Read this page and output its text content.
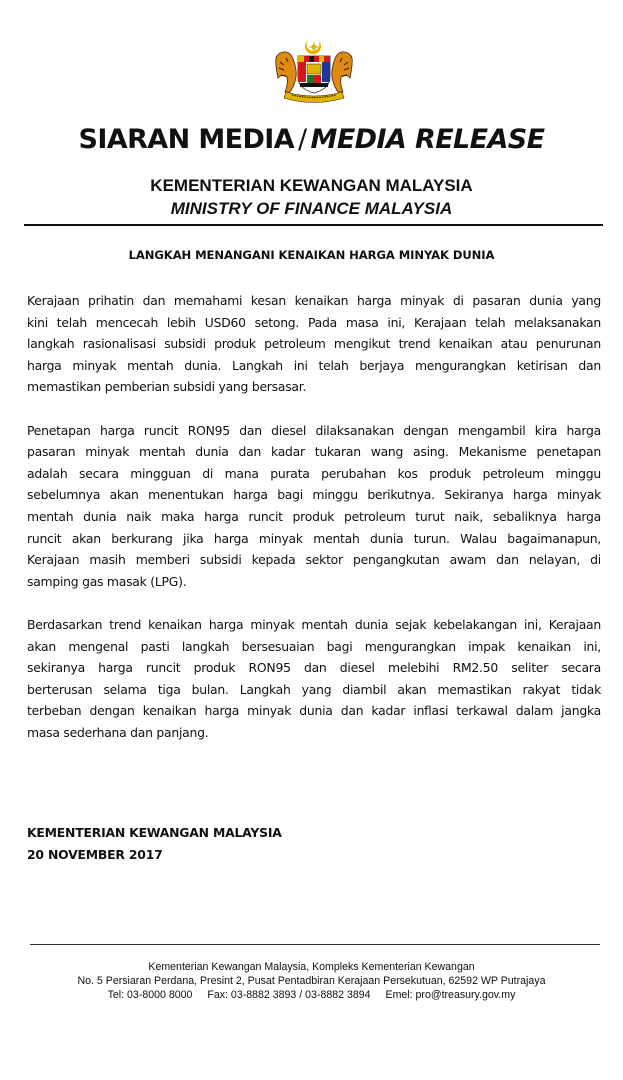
SIARAN MEDIA / MEDIA RELEASE
KEMENTERIAN KEWANGAN MALAYSIA
MINISTRY OF FINANCE MALAYSIA
LANGKAH MENANGANI KENAIKAN HARGA MINYAK DUNIA
Kerajaan prihatin dan memahami kesan kenaikan harga minyak di pasaran dunia yang
kini telah mencecah lebih USD60 setong. Pada masa ini, Kerajaan telah melaksanakan
langkah rasionalisasi subsidi produk petroleum mengikut trend kenaikan atau penurunan
harga minyak mentah dunia. Langkah ini telah berjaya mengurangkan ketirisan dan
memastikan pemberian subsidi yang bersasar.
Penetapan harga runcit RON95 dan diesel dilaksanakan dengan mengambil kira harga
pasaran minyak mentah dunia dan kadar tukaran wang asing. Mekanisme penetapan
adalah secara mingguan di mana purata perubahan kos produk petroleum minggu
sebelumnya akan menentukan harga bagi minggu berikutnya. Sekiranya harga minyak
mentah dunia naik maka harga runcit produk petroleum turut naik, sebaliknya harga
runcit akan berkurang jika harga minyak mentah dunia turun. Walau bagaimanapun,
Kerajaan masih memberi subsidi kepada sektor pengangkutan awam dan nelayan, di
samping gas masak (LPG).
Berdasarkan trend kenaikan harga minyak mentah dunia sejak kebelakangan ini, Kerajaan
akan mengenal pasti langkah bersesuaian bagi mengurangkan impak kenaikan ini,
sekiranya harga runcit produk RON95 dan diesel melebihi RM2.50 seliter secara
berterusan selama tiga bulan. Langkah yang diambil akan memastikan rakyat tidak
terbeban dengan kenaikan harga minyak dunia dan kadar inflasi terkawal dalam jangka
masa sederhana dan panjang.
KEMENTERIAN KEWANGAN MALAYSIA
20 NOVEMBER 2017
Kementerian Kewangan Malaysia, Kompleks Kementerian Kewangan
No. 5 Persiaran Perdana, Presint 2, Pusat Pentadbiran Kerajaan Persekutuan, 62592 WP Putrajaya
Tel: 03-8000 8000 Fax: 03-8882 3893 / 03-8882 3894 Emel: pro@treasury.gov.my
